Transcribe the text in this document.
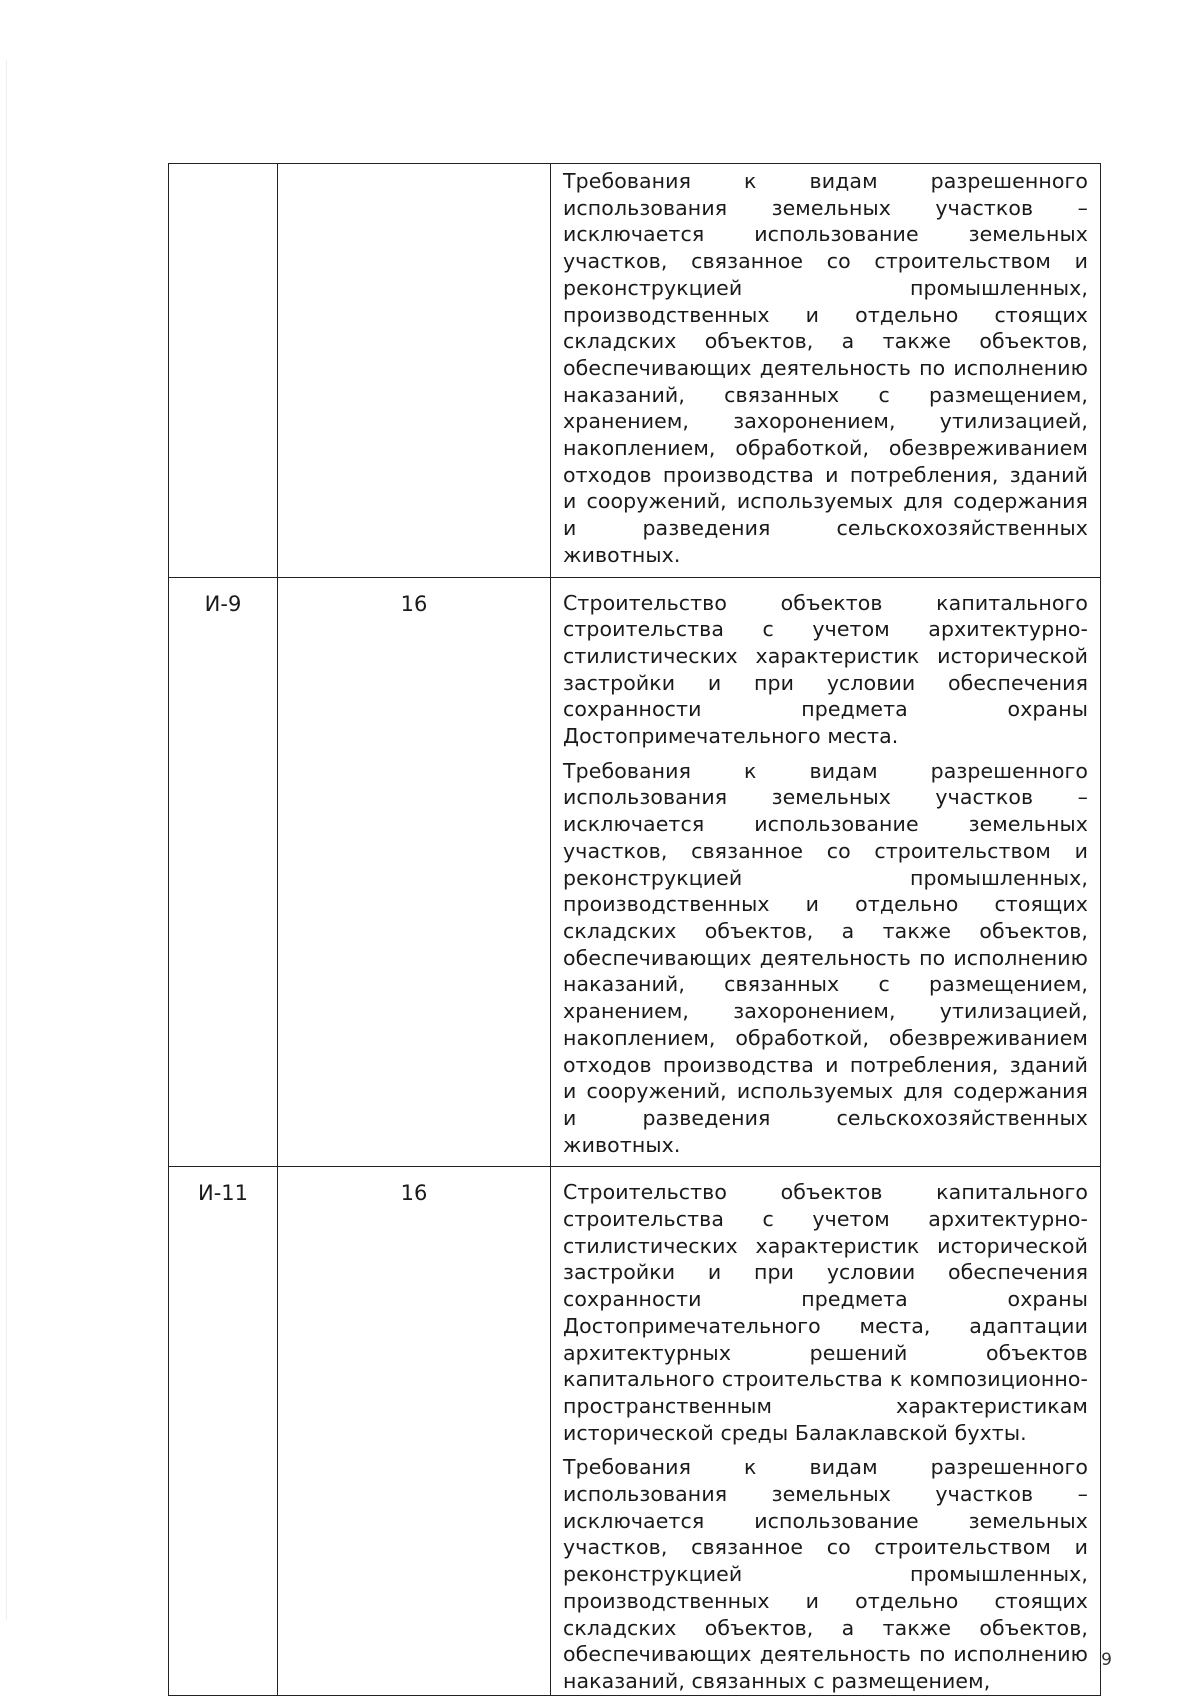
		Требования к видам разрешенного использования земельных участков – исключается использование земельных участков, связанное со строительством и реконструкцией промышленных, производственных и отдельно стоящих складских объектов, а также объектов, обеспечивающих деятельность по исполнению наказаний, связанных с размещением, хранением, захоронением, утилизацией, накоплением, обработкой, обезвреживанием отходов производства и потребления, зданий и сооружений, используемых для содержания и разведения сельскохозяйственных животных.

И-9	16	Строительство объектов капитального строительства с учетом архитектурно-стилистических характеристик исторической застройки и при условии обеспечения сохранности предмета охраны Достопримечательного места.

Требования к видам разрешенного использования земельных участков – исключается использование земельных участков, связанное со строительством и реконструкцией промышленных, производственных и отдельно стоящих складских объектов, а также объектов, обеспечивающих деятельность по исполнению наказаний, связанных с размещением, хранением, захоронением, утилизацией, накоплением, обработкой, обезвреживанием отходов производства и потребления, зданий и сооружений, используемых для содержания и разведения сельскохозяйственных животных.

И-11	16	Строительство объектов капитального строительства с учетом архитектурно-стилистических характеристик исторической застройки и при условии обеспечения сохранности предмета охраны Достопримечательного места, адаптации архитектурных решений объектов капитального строительства к композиционно-пространственным характеристикам исторической среды Балаклавской бухты.

Требования к видам разрешенного использования земельных участков – исключается использование земельных участков, связанное со строительством и реконструкцией промышленных, производственных и отдельно стоящих складских объектов, а также объектов, обеспечивающих деятельность по исполнению наказаний, связанных с размещением,

9
